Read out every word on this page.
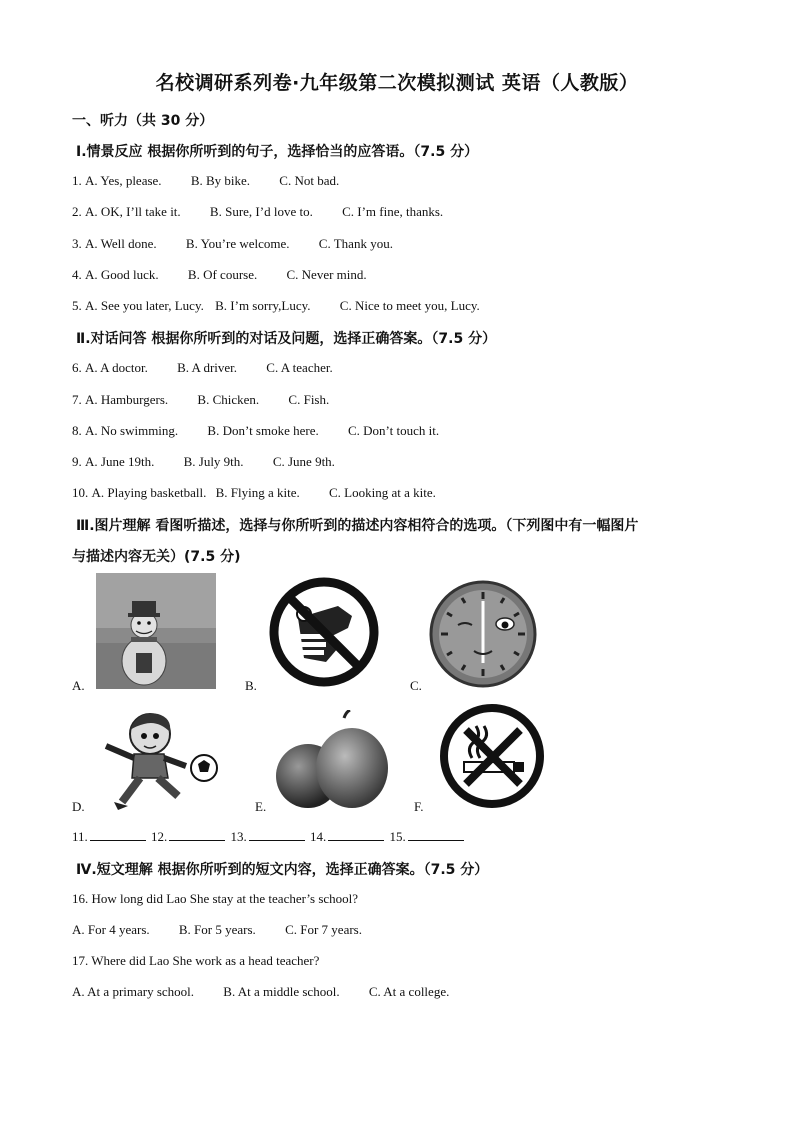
名校调研系列卷·九年级第二次模拟测试 英语（人教版）
一、听力（共 30 分）
Ⅰ.情景反应 根据你所听到的句子，选择恰当的应答语。（7.5 分）
1. A. Yes, please. B. By bike. C. Not bad.
2. A. OK, I’ll take it. B. Sure, I’d love to. C. I’m fine, thanks.
3. A. Well done. B. You’re welcome. C. Thank you.
4. A. Good luck. B. Of course. C. Never mind.
5. A. See you later, Lucy. B. I’m sorry,Lucy. C. Nice to meet you, Lucy.
Ⅱ.对话问答 根据你所听到的对话及问题，选择正确答案。（7.5 分）
6. A. A doctor. B. A driver. C. A teacher.
7. A. Hamburgers. B. Chicken. C. Fish.
8. A. No swimming. B. Don’t smoke here. C. Don’t touch it.
9. A. June 19th. B. July 9th. C. June 9th.
10. A. Playing basketball. B. Flying a kite. C. Looking at a kite.
Ⅲ.图片理解 看图听描述，选择与你所听到的描述内容相符合的选项。（下列图中有一幅图片
与描述内容无关）(7.5 分)
A.	B.	C.
D.	E.	F.
11.	12.	13.	14.	15.
Ⅳ.短文理解 根据你所听到的短文内容，选择正确答案。（7.5 分）
16. How long did Lao She stay at the teacher’s school?
A. For 4 years. B. For 5 years. C. For 7 years.
17. Where did Lao She work as a head teacher?
A. At a primary school. B. At a middle school. C. At a college.
